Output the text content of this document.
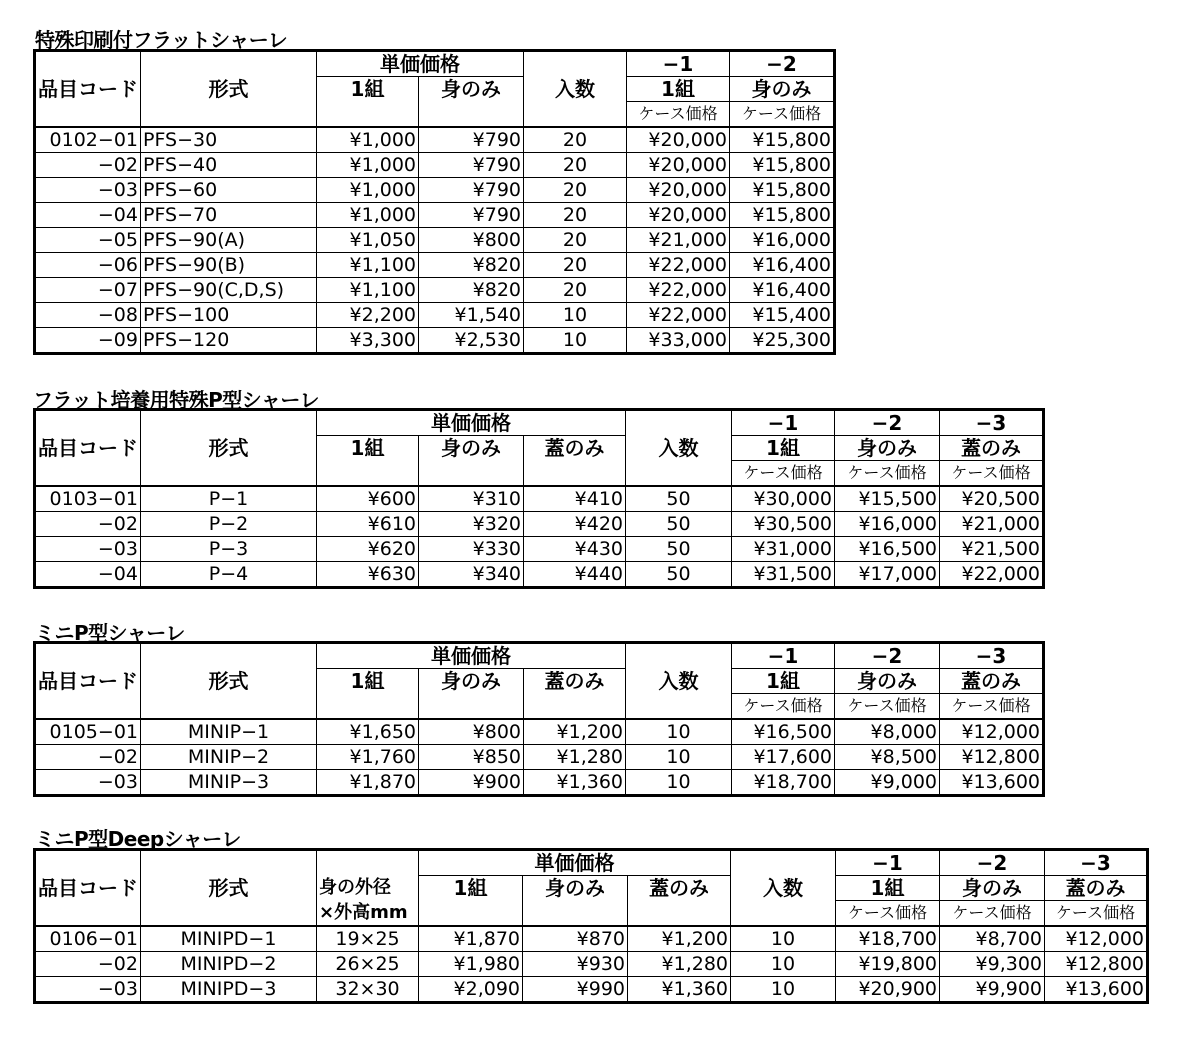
特殊印刷付フラットシャーレ
		単価価格			−1	−2
品目コード	形式	1組	身のみ	入数	1組	身のみ
					ケース価格	ケース価格
0102−01	PFS−30	¥1,000	¥790	20	¥20,000	¥15,800
−02	PFS−40	¥1,000	¥790	20	¥20,000	¥15,800
−03	PFS−60	¥1,000	¥790	20	¥20,000	¥15,800
−04	PFS−70	¥1,000	¥790	20	¥20,000	¥15,800
−05	PFS−90(A)	¥1,050	¥800	20	¥21,000	¥16,000
−06	PFS−90(B)	¥1,100	¥820	20	¥22,000	¥16,400
−07	PFS−90(C,D,S)	¥1,100	¥820	20	¥22,000	¥16,400
−08	PFS−100	¥2,200	¥1,540	10	¥22,000	¥15,400
−09	PFS−120	¥3,300	¥2,530	10	¥33,000	¥25,300
フラット培養用特殊P型シャーレ
		単価価格				−1	−2	−3
品目コード	形式	1組	身のみ	蓋のみ	入数	1組	身のみ	蓋のみ
						ケース価格	ケース価格	ケース価格
0103−01	P−1	¥600	¥310	¥410	50	¥30,000	¥15,500	¥20,500
−02	P−2	¥610	¥320	¥420	50	¥30,500	¥16,000	¥21,000
−03	P−3	¥620	¥330	¥430	50	¥31,000	¥16,500	¥21,500
−04	P−4	¥630	¥340	¥440	50	¥31,500	¥17,000	¥22,000
ミニP型シャーレ
		単価価格				−1	−2	−3
品目コード	形式	1組	身のみ	蓋のみ	入数	1組	身のみ	蓋のみ
						ケース価格	ケース価格	ケース価格
0105−01	MINIP−1	¥1,650	¥800	¥1,200	10	¥16,500	¥8,000	¥12,000
−02	MINIP−2	¥1,760	¥850	¥1,280	10	¥17,600	¥8,500	¥12,800
−03	MINIP−3	¥1,870	¥900	¥1,360	10	¥18,700	¥9,000	¥13,600
ミニP型Deepシャーレ
			単価価格				−1	−2	−3
品目コード	形式	身の外径	1組	身のみ	蓋のみ	入数	1組	身のみ	蓋のみ
		×外高mm					ケース価格	ケース価格	ケース価格
0106−01	MINIPD−1	19×25	¥1,870	¥870	¥1,200	10	¥18,700	¥8,700	¥12,000
−02	MINIPD−2	26×25	¥1,980	¥930	¥1,280	10	¥19,800	¥9,300	¥12,800
−03	MINIPD−3	32×30	¥2,090	¥990	¥1,360	10	¥20,900	¥9,900	¥13,600
